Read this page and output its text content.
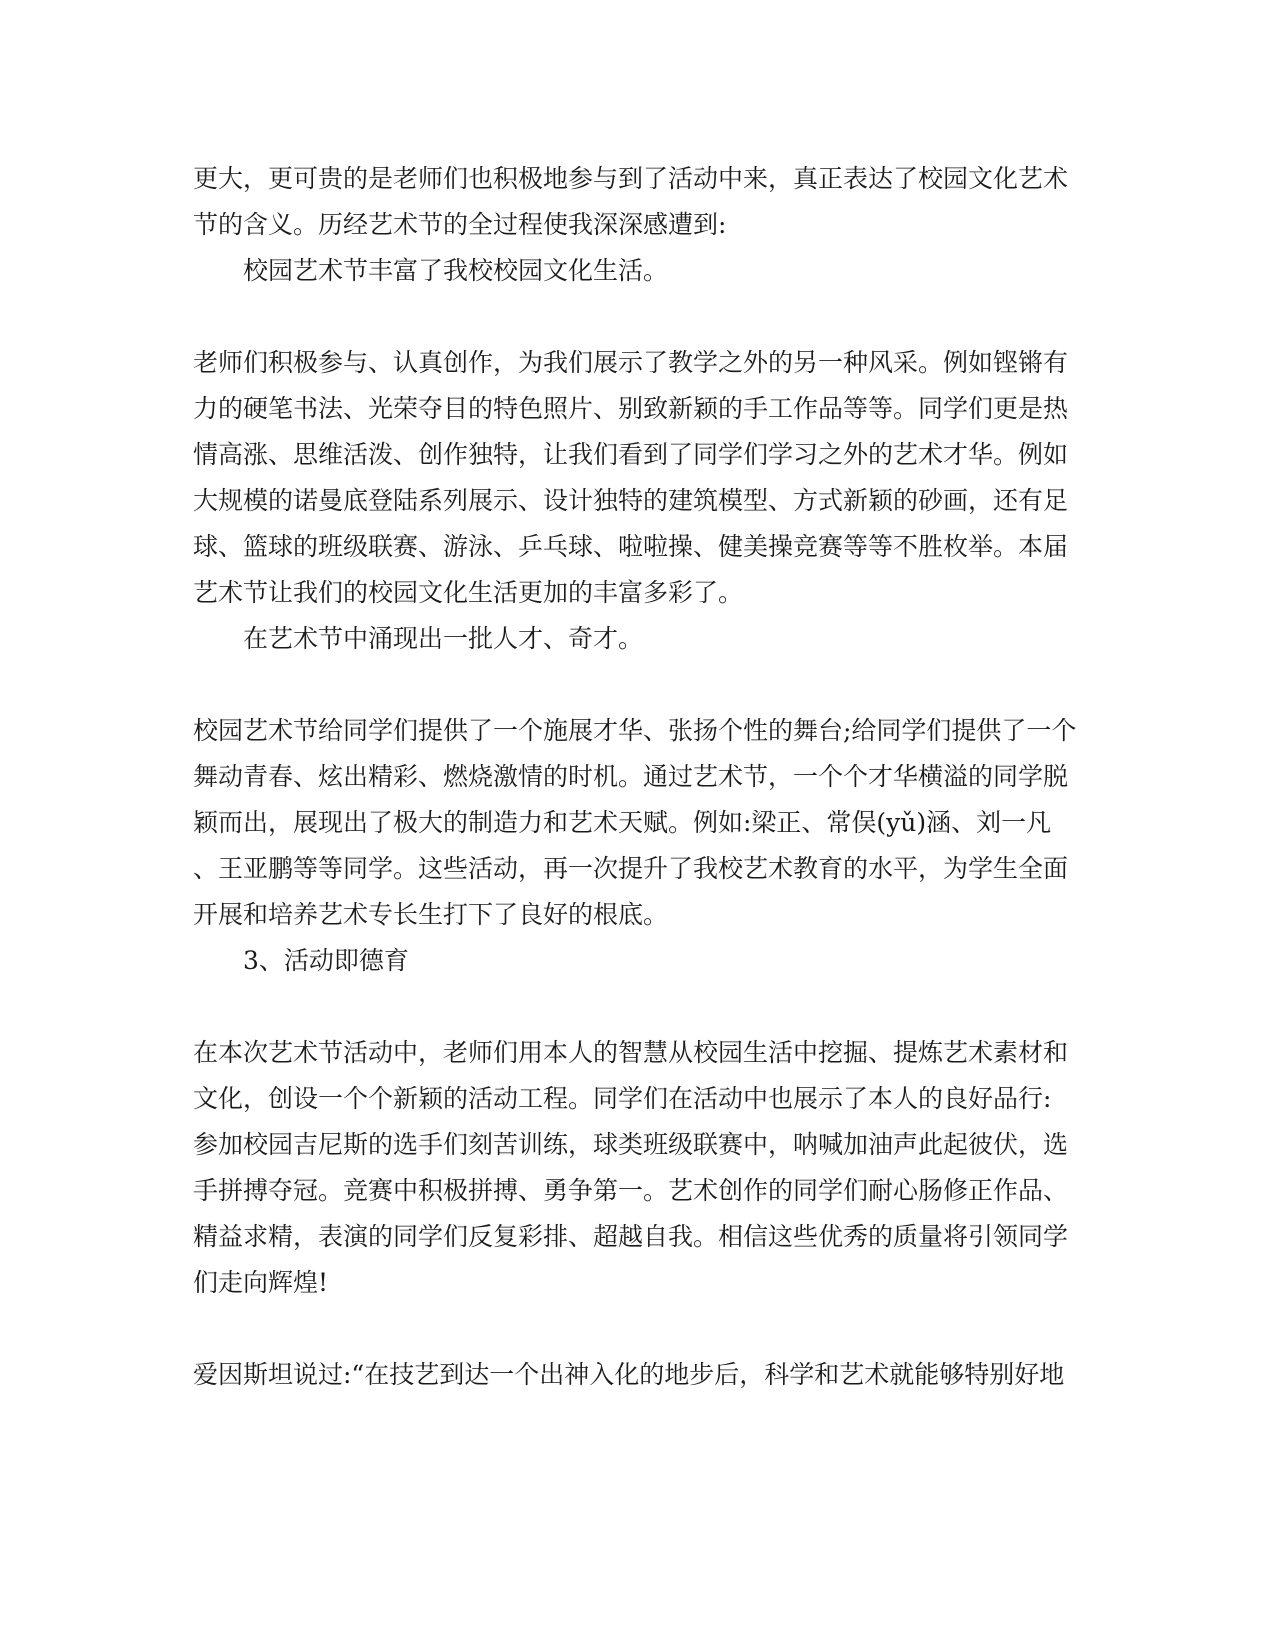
更大，更可贵的是老师们也积极地参与到了活动中来，真正表达了校园文化艺术

节的含义。历经艺术节的全过程使我深深感遭到:

校园艺术节丰富了我校校园文化生活。

老师们积极参与、认真创作，为我们展示了教学之外的另一种风采。例如铿锵有

力的硬笔书法、光荣夺目的特色照片、别致新颖的手工作品等等。同学们更是热

情高涨、思维活泼、创作独特，让我们看到了同学们学习之外的艺术才华。例如

大规模的诺曼底登陆系列展示、设计独特的建筑模型、方式新颖的砂画，还有足

球、篮球的班级联赛、游泳、乒乓球、啦啦操、健美操竞赛等等不胜枚举。本届

艺术节让我们的校园文化生活更加的丰富多彩了。

在艺术节中涌现出一批人才、奇才。

校园艺术节给同学们提供了一个施展才华、张扬个性的舞台;给同学们提供了一个

舞动青春、炫出精彩、燃烧激情的时机。通过艺术节，一个个才华横溢的同学脱

颖而出，展现出了极大的制造力和艺术天赋。例如:梁正、常俣(yǔ)涵、刘一凡

、王亚鹏等等同学。这些活动，再一次提升了我校艺术教育的水平，为学生全面

开展和培养艺术专长生打下了良好的根底。

3、活动即德育

在本次艺术节活动中，老师们用本人的智慧从校园生活中挖掘、提炼艺术素材和

文化，创设一个个新颖的活动工程。同学们在活动中也展示了本人的良好品行:

参加校园吉尼斯的选手们刻苦训练，球类班级联赛中，呐喊加油声此起彼伏，选

手拼搏夺冠。竞赛中积极拼搏、勇争第一。艺术创作的同学们耐心肠修正作品、

精益求精，表演的同学们反复彩排、超越自我。相信这些优秀的质量将引领同学

们走向辉煌!

爱因斯坦说过:“在技艺到达一个出神入化的地步后，科学和艺术就能够特别好地
